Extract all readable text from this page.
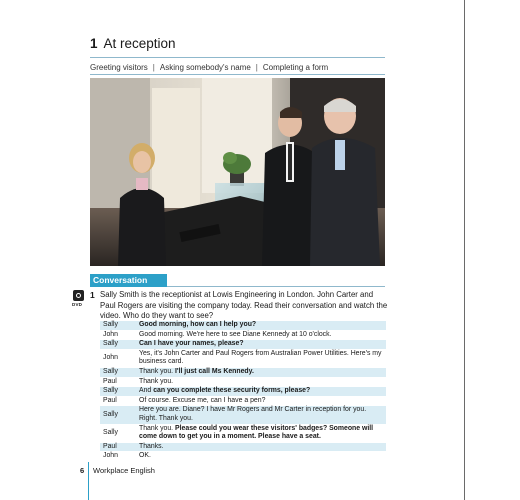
1 At reception
Greeting visitors | Asking somebody's name | Completing a form
Conversation
DVD
1 Sally Smith is the receptionist at Lowis Engineering in London. John Carter and Paul Rogers are visiting the company today. Read their conversation and watch the video. Who do they want to see?
Sally	Good morning, how can I help you?
John	Good morning. We're here to see Diane Kennedy at 10 o'clock.
Sally	Can I have your names, please?
John	Yes, it's John Carter and Paul Rogers from Australian Power Utilities. Here's my business card.
Sally	Thank you. I'll just call Ms Kennedy.
Paul	Thank you.
Sally	And can you complete these security forms, please?
Paul	Of course. Excuse me, can I have a pen?
Sally	Here you are. Diane? I have Mr Rogers and Mr Carter in reception for you. Right. Thank you.
Sally	Thank you. Please could you wear these visitors' badges? Someone will come down to get you in a moment. Please have a seat.
Paul	Thanks.
John	OK.
6 Workplace English
